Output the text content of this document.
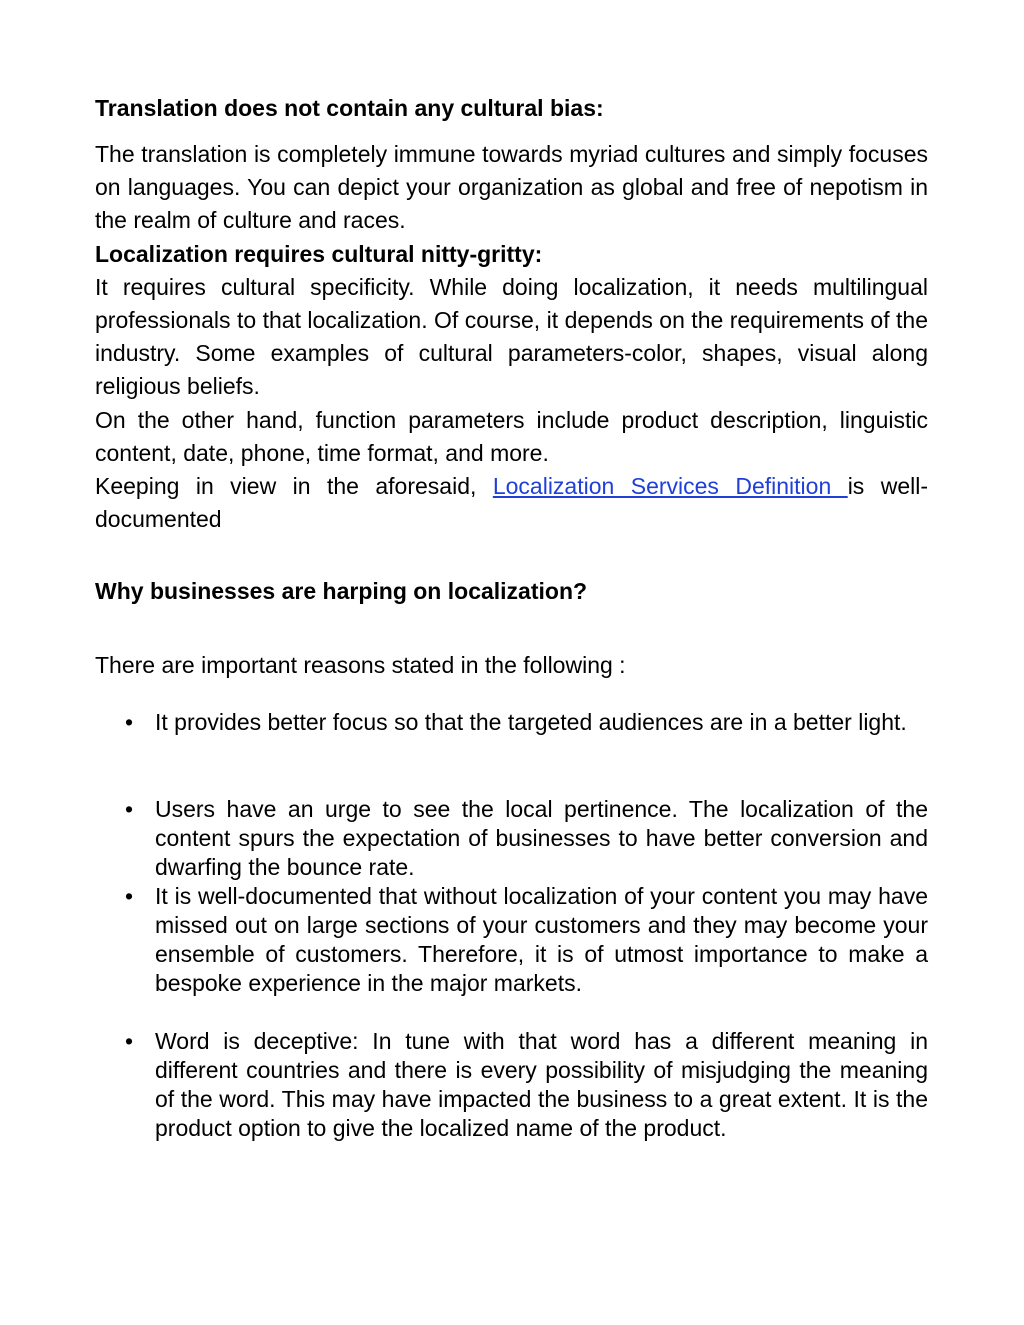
Translation does not contain any cultural bias:

The translation is completely immune towards myriad cultures and simply focuses on languages. You can depict your organization as global and free of nepotism in the realm of culture and races.

Localization requires cultural nitty-gritty:

It requires cultural specificity. While doing localization, it needs multilingual professionals to that localization. Of course, it depends on the requirements of the industry. Some examples of cultural parameters-color, shapes, visual along religious beliefs.

On the other hand, function parameters include product description, linguistic content, date, phone, time format, and more.

Keeping in view in the aforesaid, Localization Services Definition is well-documented

Why businesses are harping on localization?

There are important reasons stated in the following :

• It provides better focus so that the targeted audiences are in a better light.

• Users have an urge to see the local pertinence. The localization of the content spurs the expectation of businesses to have better conversion and dwarfing the bounce rate.

• It is well-documented that without localization of your content you may have missed out on large sections of your customers and they may become your ensemble of customers. Therefore, it is of utmost importance to make a bespoke experience in the major markets.

• Word is deceptive: In tune with that word has a different meaning in different countries and there is every possibility of misjudging the meaning of the word. This may have impacted the business to a great extent. It is the product option to give the localized name of the product.
